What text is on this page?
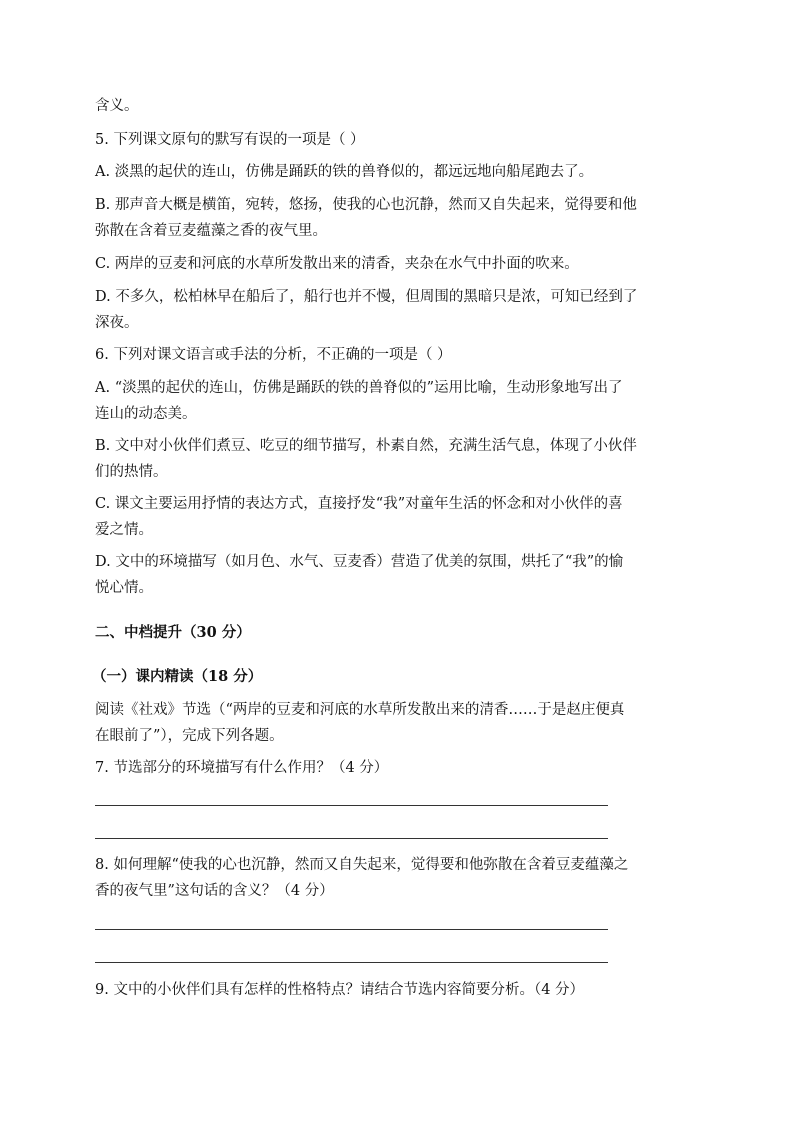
含义。
5. 下列课文原句的默写有误的一项是（ ）
A. 淡黑的起伏的连山，仿佛是踊跃的铁的兽脊似的，都远远地向船尾跑去了。
B. 那声音大概是横笛，宛转，悠扬，使我的心也沉静，然而又自失起来，觉得要和他
弥散在含着豆麦蕴藻之香的夜气里。
C. 两岸的豆麦和河底的水草所发散出来的清香，夹杂在水气中扑面的吹来。
D. 不多久，松柏林早在船后了，船行也并不慢，但周围的黑暗只是浓，可知已经到了
深夜。
6. 下列对课文语言或手法的分析，不正确的一项是（ ）
A. “淡黑的起伏的连山，仿佛是踊跃的铁的兽脊似的”运用比喻，生动形象地写出了
连山的动态美。
B. 文中对小伙伴们煮豆、吃豆的细节描写，朴素自然，充满生活气息，体现了小伙伴
们的热情。
C. 课文主要运用抒情的表达方式，直接抒发“我”对童年生活的怀念和对小伙伴的喜
爱之情。
D. 文中的环境描写（如月色、水气、豆麦香）营造了优美的氛围，烘托了“我”的愉
悦心情。
二、中档提升（30 分）
（一）课内精读（18 分）
阅读《社戏》节选（“两岸的豆麦和河底的水草所发散出来的清香……于是赵庄便真
在眼前了”），完成下列各题。
7. 节选部分的环境描写有什么作用？（4 分）
8. 如何理解“使我的心也沉静，然而又自失起来，觉得要和他弥散在含着豆麦蕴藻之
香的夜气里”这句话的含义？（4 分）
9. 文中的小伙伴们具有怎样的性格特点？请结合节选内容简要分析。（4 分）
